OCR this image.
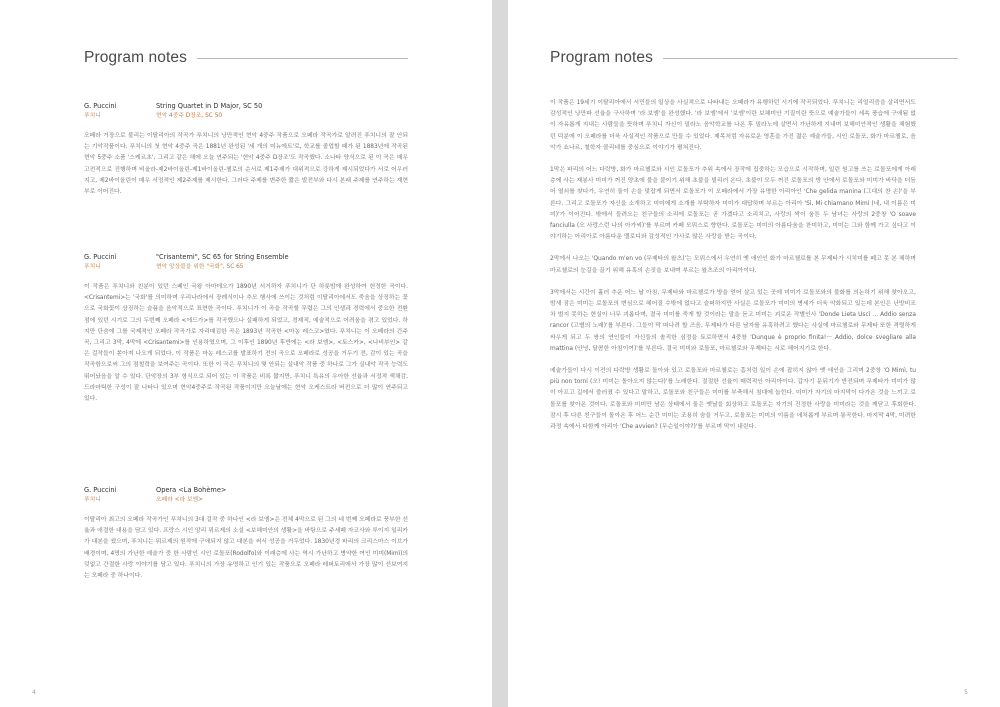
Program notes
G. Puccini	String Quartet in D Major, SC 50
푸치니	현악 4중주 D장조, SC 50
오페라 거장으로 불리는 이탈리아의 작곡가 푸치니의 낭만적인 현악 4중주 작품으로 오페라 작곡가로 알려진 푸치니의 잘 안되는 기악작품이다. 푸치니의 첫 현악 4중주 곡은 1881년 완성된 '세 개의 미뉴에트'로, 학교를 졸업할 때가 된 1883년에 작곡된 현악 5중주 소품 '스케르초', 그리고 같은 해에 오늘 연주되는 '현악 4중주 D장조'도 작곡했다. 소나타 양식으로 된 이 곡은 매우 고전적으로 진행하며 비올라-제2바이올린-제1바이올린-첼로의 순서로 제1주제가 대위적으로 강하게 제시되었다가 서로 어우러지고, 제2바이올린이 매우 서정적인 제2주제를 제시한다. 그러다 주제를 변주한 짧은 발전부와 다시 본래 주제를 연주하는 재현부로 이어진다.
G. Puccini	"Crisantemi", SC 65 for String Ensemble
푸치니	현악 앙상블을 위한 "국화", SC 65
이 작품은 푸치니와 친분이 있던 스페인 국왕 아마데오가 1890년 서거하자 푸치니가 단 하룻밤에 완성하여 헌정한 곡이다. <Crisantemi>는 '국화'를 의미하며 우리나라에서 장례식이나 추모 행사에 쓰이는 것처럼 이탈리아에서도 죽음을 상징하는 꽃으로 국화꽃이 상징하는 슬픔을 음악적으로 표현한 곡이다. 푸치니가 이 곡을 작곡할 무렵은 그의 인생과 경력에서 중요한 전환점에 있던 시기로 그의 두번째 오페라 <에드가>를 작곡했으나 실패하게 되었고, 경제적, 예술적으로 어려움을 겪고 있었다. 하지만 단숨에 그를 국제적인 오페라 작곡가로 자리매김한 곡은 1893년 작곡한 <마농 레스코>였다. 푸치니는 이 오페라의 간주곡, 그리고 3막, 4막에 <Crisantemi>를 인용하였으며, 그 이후인 1890년 후반에는 <라 보엠>, <토스카>, <나비부인> 같은 걸작들이 쏟아져 나오게 되었다. 이 작품은 마농 레스코를 발표하기 전의 곡으로 오페라로 성공을 거두기 전, 감이 있는 곡을 작곡함으로써 그의 점철력을 보여주는 곡이다. 또한 이 곡은 푸치니의 몇 안되는 실내악 작품 중 하나로 그가 실내악 작곡 능력도 뛰어났음을 알 수 있다. 단악장의 3부 형식으로 되어 있는 이 작품은 비록 짧지만, 푸치니 특유의 우아한 선율과 서정적 색채감, 드라마틱한 구성이 잘 나타나 있으며 현악4중주로 작곡된 작품이지만 오늘날에는 현악 오케스트라 버전으로 더 많이 연주되고 있다.
G. Puccini	Opera <La Bohème>
푸치니	오페라 <라 보엠>
이탈리아 최고의 오페라 작곡가인 푸치니의 3대 걸작 중 하나인 <라 보엠>은 전체 4막으로 된 그의 네 번째 오페라로 풍부한 선율과 애절한 내용을 담고 있다. 프랑스 시인 앙리 뮈르제의 소설 <보헤미안의 생활>을 바탕으로 주세페 자코사와 루이지 일리카가 대본을 썼으며, 푸치니는 뮈르제의 원작에 구애되지 않고 대본을 써서 성공을 거두었다. 1830년경 파리의 크리스마스 이브가 배경이며, 4명의 가난한 예술가 중 한 사람인 시인 로돌포(Rodolfo)와 이래층에 사는 역시 가난하고 병약한 여인 미미(Mimì)의 덧없고 간절한 사랑 이야기를 담고 있다. 푸치니의 가장 유명하고 인기 있는 작품으로 오페라 레퍼토리에서 가장 많이 선보여지는 오페라 중 하나이다.
4
Program notes

이 작품은 19세기 이탈리아에서 서민들의 일상을 사실적으로 나타내는 오페라가 유행하던 시기에 작곡되었다. 푸치니는 리얼리즘을 살리면서도 감성적인 낭만파 선율을 구사하며 '라 보엠'을 완성했다. '라 보엠'에서 '보엠'이란 보헤미안 기질이란 뜻으로 예술가들이 세속 풍습에 구애됨 없이 자유롭게 지내는 사람들을 뜻하며 푸치니 자신이 밀라노 음악학교를 나온 후 밀라노에 살면서 가난하게 지내며 보헤미안적인 생활을 체험했던 덕분에 이 오페라를 더욱 사실적인 작품으로 만들 수 있었다. 제목처럼 자유로운 영혼을 가진 젊은 예술가들, 시인 로돌포, 화가 마르첼로, 음악가 쇼나르, 철학자 콜리네를 중심으로 이야기가 펼쳐진다.

1막은 파리의 어느 다락방, 화가 마르첼로와 시인 로돌포가 추위 속에서 장작에 집중하는 모습으로 시작하며, 일린 원고를 쓰는 로돌포에게 아래층에 사는 재봉사 미미가 꺼진 양초에 불을 붙이기 위해 초불을 빌리러 온다. 초불이 모두 꺼진 로돌포의 방 안에서 로돌포와 미미가 바닥을 더듬어 열쇠를 찾다가, 우연히 둘이 손을 맞잡게 되면서 로돌포가 이 오페라에서 가장 유명한 아리아인 'Che gelida manina (그대의 찬 손)'을 부른다. 그리고 로돌포가 자신을 소개하고 미미에게 소개를 부탁하자 미미가 대답하며 부르는 아리아 'Sì, Mi chiamano Mimì (네, 내 이름은 미미)'가 이어진다. 밖에서 들려오는 친구들의 소리에 로돌포는 곧 가겠다고 소리치고, 사랑의 싹이 움튼 두 남녀는 사랑의 2중창 'O soave fanciulla (오 사랑스런 나의 아가씨)'를 부르며 카페 모뮈스로 향한다. 로돌포는 미미의 아름다움을 찬미하고, 미미는 그와 함께 가고 싶다고 이야기하는 아리아로 아름다운 멜로디와 감성적인 가사로 많은 사랑을 받는 곡이다.

2막에서 나오는 'Quando m'en vo (무제타의 왈츠)'는 모뮈스에서 우연히 옛 애인인 화가 마르첼로를 본 무제타가 시치미를 떼고 못 본 체하며 마르첼로의 눈길을 끌기 위해 유혹의 손짓을 보내며 부르는 왈츠조의 아리아이다.

3막에서는 시간이 흘러 추운 어느 날 아침, 무제타와 마르첼로가 방을 얻어 살고 있는 곳에 미미가 로돌포와의 불화를 의논하기 위해 찾아오고, 밤새 잠은 미미는 로돌포의 변심으로 헤어질 수밖에 없다고 슬퍼하지만 사실은 로돌포가 미미의 병세가 더욱 악화되고 있는데 본인은 난방비조차 벌지 못하는 현실이 너무 괴롭다며, 결국 미미를 죽게 할 것이라는 말을 듣고 미미는 괴로운 작별인사 'Donde Lieta Uscì ... Addio senza rancor (고별의 노래)'를 부른다. 그들이 막 떠나려 할 즈음, 무제타가 다른 남자를 유혹하려고 했다는 사실에 마르첼로와 무제타 또한 격렬하게 싸우게 되고 두 쌍의 연인들이 자신들의 솔직한 심정을 토로하면서 4중창 'Dunque è proprio finita!··· Addio, dolce svegliare alla mattina (안녕, 달콤한 아침이여)'를 부른다. 결국 미미와 로돌포, 마르첼로와 무제타는 서로 헤어지기로 한다.

예술가들이 다시 이전의 다락방 생활로 돌아와 있고 로돌포와 마르첼로는 흠처럼 일이 손에 잡히지 않아 옛 애인을 그리며 2중창 'O Mimì, tu più non torni (오! 미미는 돌아오지 않는다)'를 노래한다. 절절한 선율이 매력적인 아리아이다. 갑자기 문뒤기가 반전되며 무제타가 미미가 많이 아프고 길에서 쓸러졌 수 있다고 말하고, 로돌포와 친구들은 미미를 부축해서 침대에 눕힌다. 미미가 자기의 마지막이 다가온 것을 느끼고 로돌포를 찾아온 것이다. 로돌포와 미미만 남은 상태에서 둘은 옛날을 회상하고 로돌포는 자기의 진정한 사랑을 미미라는 것을 깨닫고 후회한다. 잠시 후 다른 친구들이 돌아온 후 어느 순간 미미는 조용히 숨을 거두고, 로돌포는 미미의 이름을 애처롭게 부르며 통곡한다. 마지막 4막, 미려한 과정 속에서 다함께 아리아 'Che avvien? (무슨일이야?)'를 부르며 막이 내린다.

5
